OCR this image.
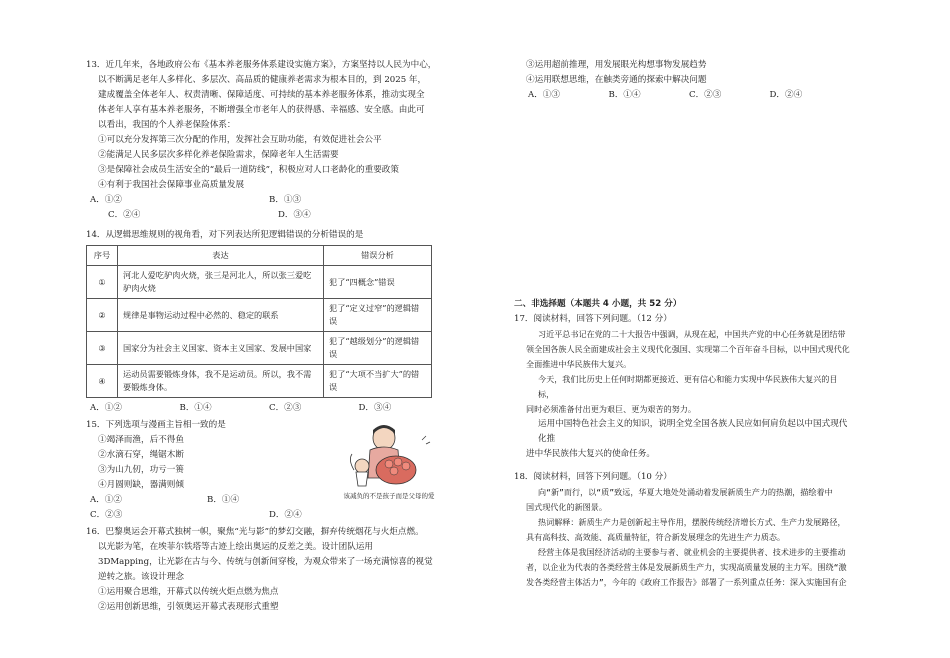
13．近几年来，各地政府公布《基本养老服务体系建设实施方案》，方案坚持以人民为中心，

以不断满足老年人多样化、多层次、高品质的健康养老需求为根本目的，到 2025 年，

建成覆盖全体老年人、权责清晰、保障适度、可持续的基本养老服务体系，推动实现全

体老年人享有基本养老服务，不断增强全市老年人的获得感、幸福感、安全感。由此可

以看出，我国的个人养老保险体系：

①可以充分发挥第三次分配的作用，发挥社会互助功能，有效促进社会公平

②能满足人民多层次多样化养老保险需求，保障老年人生活需要

③是保障社会成员生活安全的“最后一道防线”，积极应对人口老龄化的重要政策

④有利于我国社会保障事业高质量发展

A．①②	B．①③
C．②④	D．③④

14．从逻辑思维规则的视角看，对下列表达所犯逻辑错误的分析错误的是

序号	表达	错误分析
①	河北人爱吃驴肉火烧，张三是河北人，所以张三爱吃驴肉火烧	犯了“四概念”错误
②	规律是事物运动过程中必然的、稳定的联系	犯了“定义过窄”的逻辑错误
③	国家分为社会主义国家、资本主义国家、发展中国家	犯了“越级划分”的逻辑错误
④	运动员需要锻炼身体，我不是运动员。所以，我不需要锻炼身体。	犯了“大项不当扩大”的错误
A．①②	B．①④	C．②③	D．③④
该减负的不是孩子而是父母的爱

15．下列选项与漫画主旨相一致的是

①竭泽而渔，后不得鱼

②水滴石穿，绳锯木断

③为山九仞，功亏一篑

④月圆则缺，器满则倾

A．①②	B．①④
C．②③	D．②④

16．巴黎奥运会开幕式独树一帜，聚焦“光与影”的梦幻交融，摒弃传统烟花与火炬点燃。

以光影为笔，在埃菲尔铁塔等古迹上绘出奥运的反差之美。设计团队运用

3DMapping，让光影在古与今、传统与创新间穿梭，为观众带来了一场充满惊喜的视觉

逆转之旅。该设计理念

①运用聚合思维，开幕式以传统火炬点燃为焦点

②运用创新思维，引领奥运开幕式表现形式重塑

③运用超前推理，用发展眼光构想事物发展趋势

④运用联想思维，在触类旁通的探索中解决问题

A．①③	B．①④	C．②③	D．②④

二、非选择题（本题共 4 小题，共 52 分）

17．阅读材料，回答下列问题。（12 分）

习近平总书记在党的二十大报告中强调，从现在起，中国共产党的中心任务就是团结带

领全国各族人民全面建成社会主义现代化强国、实现第二个百年奋斗目标，以中国式现代化

全面推进中华民族伟大复兴。

今天，我们比历史上任何时期都更接近、更有信心和能力实现中华民族伟大复兴的目标，

同时必须准备付出更为艰巨、更为艰苦的努力。

运用中国特色社会主义的知识，说明全党全国各族人民应如何肩负起以中国式现代化推

进中华民族伟大复兴的使命任务。

18．阅读材料，回答下列问题。（10 分）

向“新”而行，以“质”致远，华夏大地处处涌动着发展新质生产力的热潮，描绘着中

国式现代化的新图景。

热词解释：新质生产力是创新起主导作用，摆脱传统经济增长方式、生产力发展路径，

具有高科技、高效能、高质量特征，符合新发展理念的先进生产力质态。

经营主体是我国经济活动的主要参与者、就业机会的主要提供者、技术进步的主要推动

者，以企业为代表的各类经营主体是发展新质生产力，实现高质量发展的主力军。围绕“激

发各类经营主体活力”，今年的《政府工作报告》部署了一系列重点任务：深入实施国有企
